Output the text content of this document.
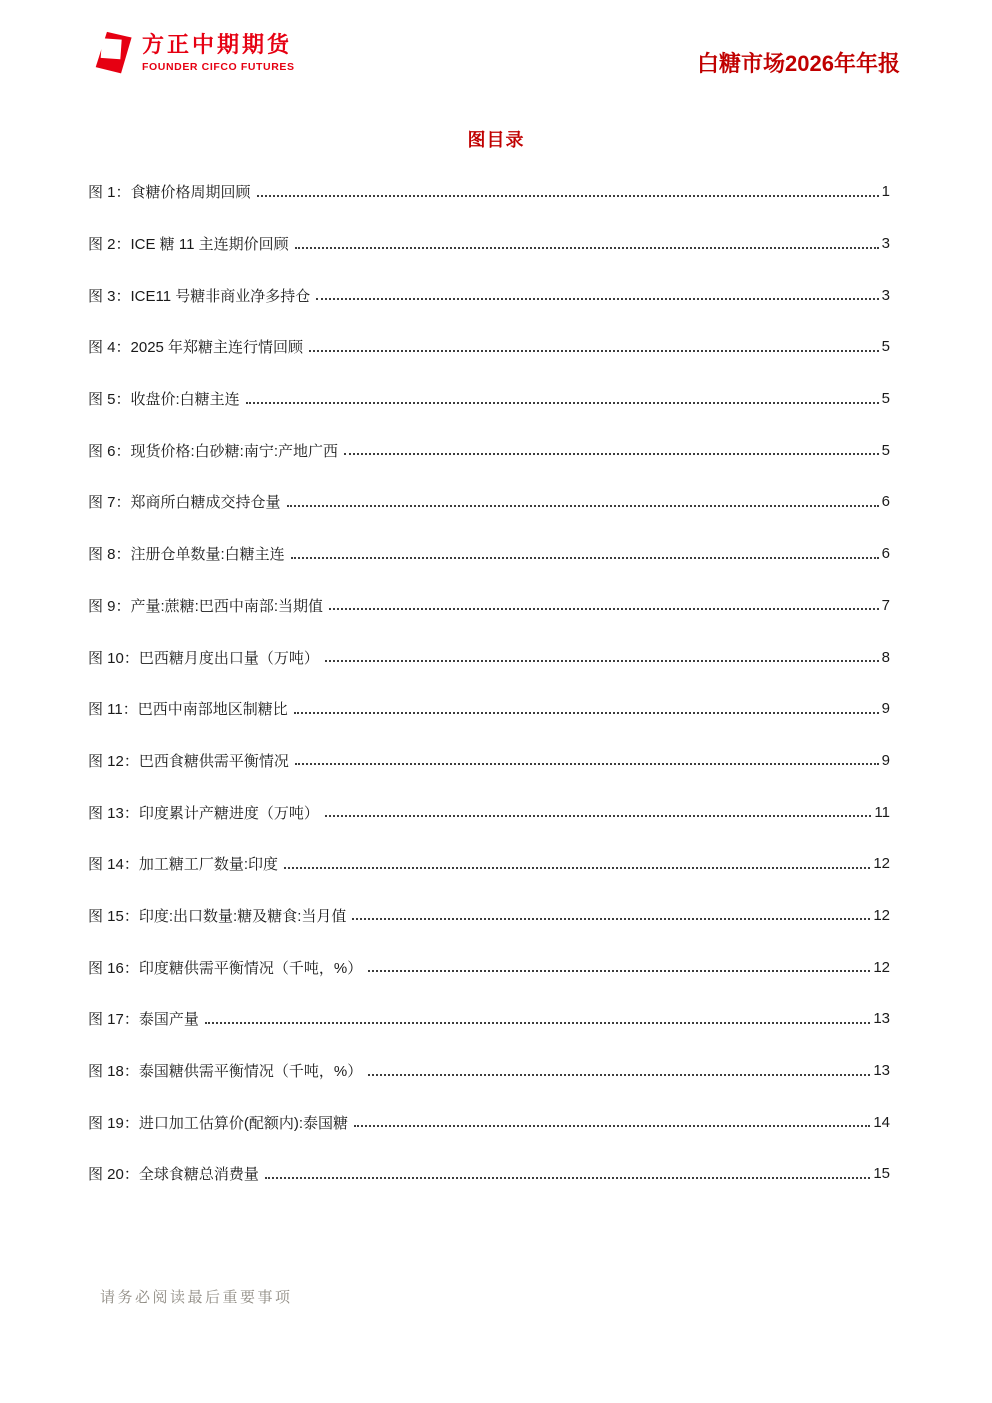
方正中期期货
FOUNDER CIFCO FUTURES	白糖市场2026年年报
图目录
图 1：食糖价格周期回顾	1
图 2：ICE 糖 11 主连期价回顾	3
图 3：ICE11 号糖非商业净多持仓	3
图 4：2025 年郑糖主连行情回顾	5
图 5：收盘价:白糖主连	5
图 6：现货价格:白砂糖:南宁:产地广西	5
图 7：郑商所白糖成交持仓量	6
图 8：注册仓单数量:白糖主连	6
图 9：产量:蔗糖:巴西中南部:当期值	7
图 10：巴西糖月度出口量（万吨）	8
图 11：巴西中南部地区制糖比	9
图 12：巴西食糖供需平衡情况	9
图 13：印度累计产糖进度（万吨）	11
图 14：加工糖工厂数量:印度	12
图 15：印度:出口数量:糖及糖食:当月值	12
图 16：印度糖供需平衡情况（千吨，%）	12
图 17：泰国产量	13
图 18：泰国糖供需平衡情况（千吨，%）	13
图 19：进口加工估算价(配额内):泰国糖	14
图 20：全球食糖总消费量	15
请务必阅读最后重要事项
